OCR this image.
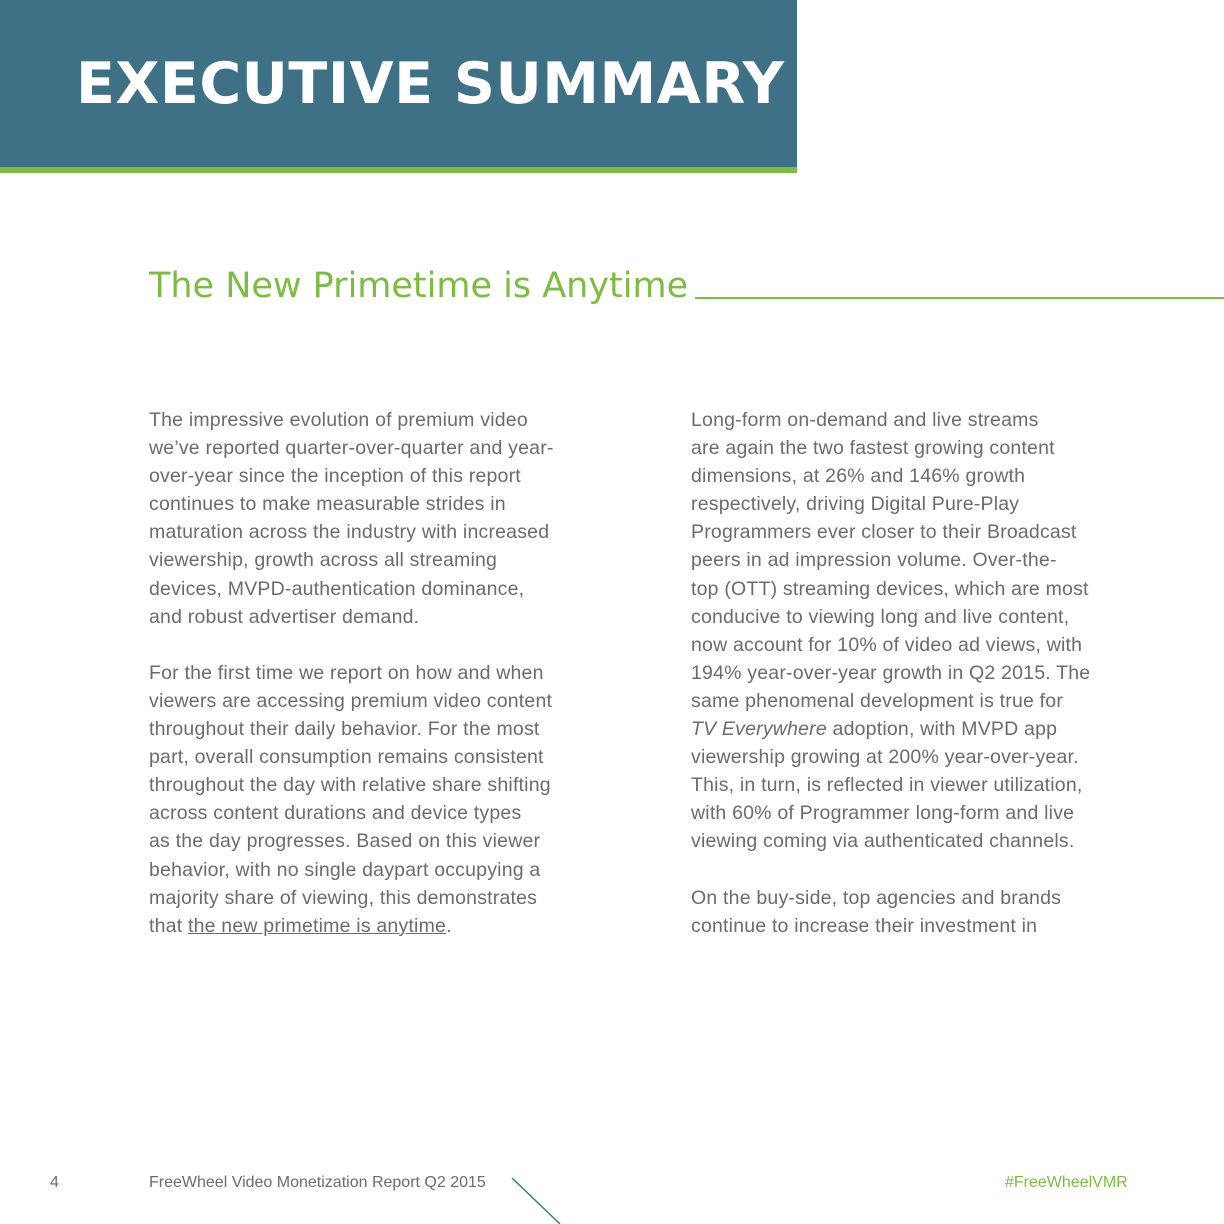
EXECUTIVE SUMMARY
The New Primetime is Anytime

The impressive evolution of premium video
we’ve reported quarter-over-quarter and year-
over-year since the inception of this report
continues to make measurable strides in
maturation across the industry with increased
viewership, growth across all streaming
devices, MVPD-authentication dominance,
and robust advertiser demand.

For the first time we report on how and when
viewers are accessing premium video content
throughout their daily behavior. For the most
part, overall consumption remains consistent
throughout the day with relative share shifting
across content durations and device types
as the day progresses. Based on this viewer
behavior, with no single daypart occupying a
majority share of viewing, this demonstrates
that the new primetime is anytime.

Long-form on-demand and live streams
are again the two fastest growing content
dimensions, at 26% and 146% growth
respectively, driving Digital Pure-Play
Programmers ever closer to their Broadcast
peers in ad impression volume. Over-the-
top (OTT) streaming devices, which are most
conducive to viewing long and live content,
now account for 10% of video ad views, with
194% year-over-year growth in Q2 2015. The
same phenomenal development is true for
TV Everywhere adoption, with MVPD app
viewership growing at 200% year-over-year.
This, in turn, is reflected in viewer utilization,
with 60% of Programmer long-form and live
viewing coming via authenticated channels.

On the buy-side, top agencies and brands
continue to increase their investment in

4	FreeWheel Video Monetization Report Q2 2015	#FreeWheelVMR
